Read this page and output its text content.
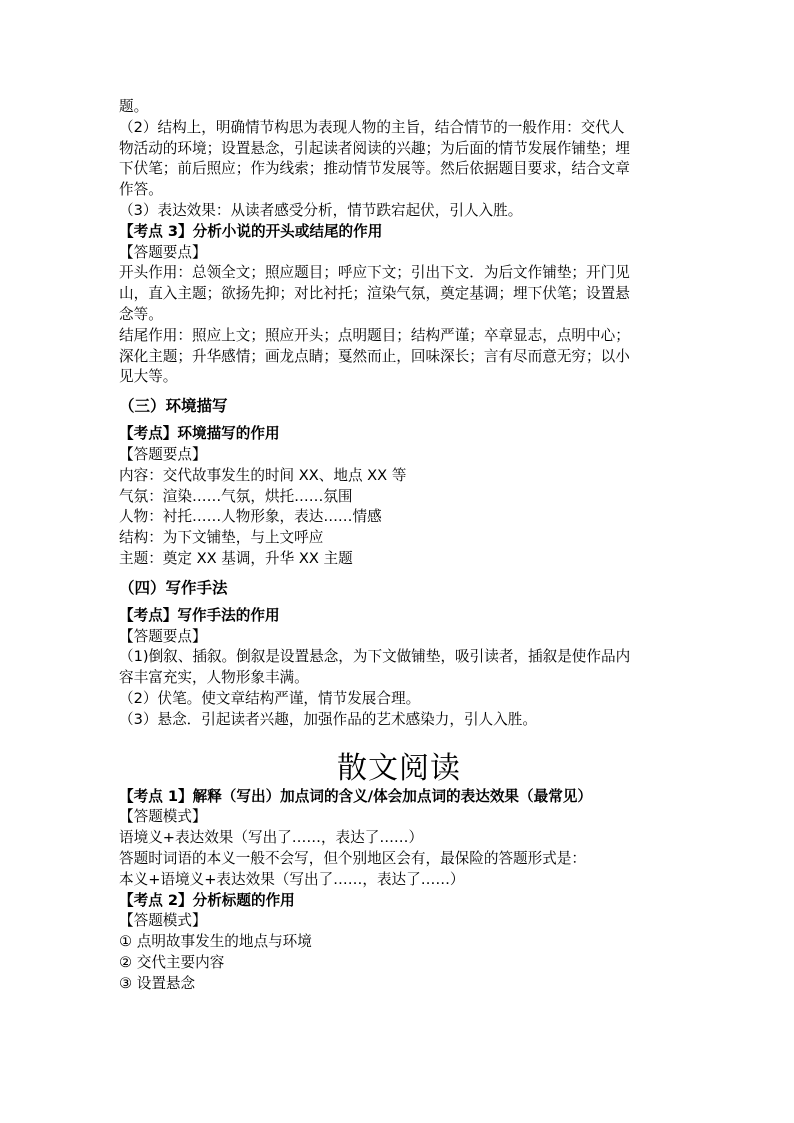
题。
（2）结构上，明确情节构思为表现人物的主旨，结合情节的一般作用：交代人
物活动的环境；设置悬念，引起读者阅读的兴趣；为后面的情节发展作铺垫；埋
下伏笔；前后照应；作为线索；推动情节发展等。然后依据题目要求，结合文章
作答。
（3）表达效果：从读者感受分析，情节跌宕起伏，引人入胜。
【考点 3】分析小说的开头或结尾的作用
【答题要点】
开头作用：总领全文；照应题目；呼应下文；引出下文．为后文作铺垫；开门见
山，直入主题；欲扬先抑；对比衬托；渲染气氛，奠定基调；埋下伏笔；设置悬
念等。
结尾作用：照应上文；照应开头；点明题目；结构严谨；卒章显志，点明中心；
深化主题；升华感情；画龙点睛；戛然而止，回味深长；言有尽而意无穷；以小
见大等。
（三）环境描写
【考点】环境描写的作用
【答题要点】
内容：交代故事发生的时间 XX、地点 XX 等
气氛：渲染……气氛，烘托……氛围
人物：衬托……人物形象，表达……情感
结构：为下文铺垫，与上文呼应
主题：奠定 XX 基调，升华 XX 主题
（四）写作手法
【考点】写作手法的作用
【答题要点】
（1)倒叙、插叙。倒叙是设置悬念，为下文做铺垫，吸引读者，插叙是使作品内
容丰富充实，人物形象丰满。
（2）伏笔。使文章结构严谨，情节发展合理。
（3）悬念．引起读者兴趣，加强作品的艺术感染力，引人入胜。
散文阅读
【考点 1】解释（写出）加点词的含义/体会加点词的表达效果（最常见）
【答题模式】
语境义+表达效果（写出了……，表达了……）
答题时词语的本义一般不会写，但个别地区会有，最保险的答题形式是：
本义+语境义+表达效果（写出了……，表达了……）
【考点 2】分析标题的作用
【答题模式】
① 点明故事发生的地点与环境
② 交代主要内容
③ 设置悬念
